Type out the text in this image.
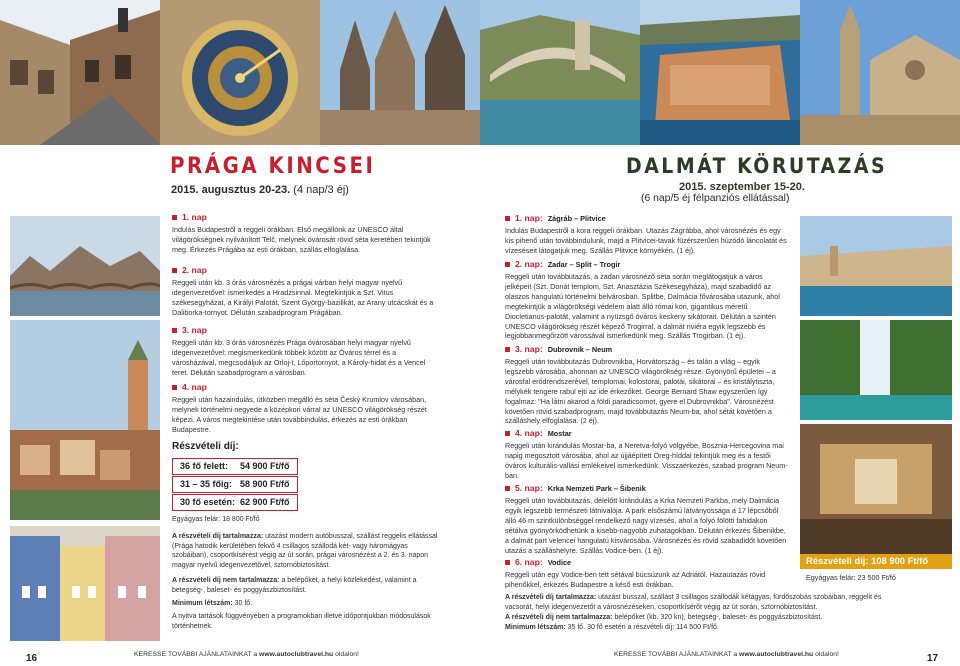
PRÁGA KINCSEI
2015. augusztus 20-23. (4 nap/3 éj)
1. nap
Indulás Budapestről a reggeli órákban. Első megállónk az UNESCO által világörökségnek nyilvánított Telč, melynek óvárosát rövid séta keretében tekintjük meg. Érkezés Prágába az esti órákban, szállás elfoglalása.
2. nap
Reggeli után kb. 3 órás városnézés a prágai várban helyi magyar nyelvű idegenvezetővel: ismerkedés a Hradzsinnal. Megtekintjük a Szt. Vitus székesegyházat, a Királyi Palotát, Szent György-bazilikát, az Arany utcácskát és a Daliborka-tornyot. Délután szabadprogram Prágában.
3. nap
Reggeli után kb. 3 órás városnézés Prága óvárosában helyi magyar nyelvű idegenvezetővel: megismerkedünk többek között az Óváros térrel és a városházával, megcsodáljuk az Orloj-t, Lőportornyot, a Károly-hidat és a Vencel teret. Délután szabadprogram a városban.
4. nap
Reggeli után hazaindulás, útközben megálló és séta Český Krumlov városában, melynek történelmi negyede a középkori várral az UNESCO világörökség részét képezi. A város megtekintése után továbbindulás, érkezés az esti órákban Budapestre.
Részvételi díj:
36 fő felett: 54 900 Ft/fő
31 – 35 főig: 58 900 Ft/fő
30 fő esetén: 62 900 Ft/fő
Egyágyas felár: 18 800 Ft/fő
A részvételi díj tartalmazza: utazást modern autóbusszal, szállást reggelis ellátással (Prága hatodik kerületében fekvő 4 csillagos szállodá két- vagy háromágyas szobáiban), csoportkísérést végig az út során, prágai városnézést a 2. és 3. napon magyar nyelvű idegenvezetővel, sztornóbiztosítást.
A részvételi díj nem tartalmazza: a belépőket, a helyi közlekedést, valamint a betegség-, baleset- és poggyászbiztosítást.
Minimum létszám: 30 fő.
A nyitva tartások függvényében a programokban illetve időpontjukban módosulások történhetnek.
16	KERESSE TOVÁBBI AJÁNLATAINKAT a www.autoclubtravel.hu oldalon!
DALMÁT KÖRUTAZÁS
2015. szeptember 15-20.
(6 nap/5 éj félpanziós ellátással)
1. nap: Zágráb – Plitvice
Indulás Budapestről a kora reggeli órákban. Utazás Zágrábba, ahol városnézés és egy kis pihenő után továbbindulunk, majd a Plitvicei-tavak füzérszerűen húzódó láncolatát és vízeséseit látogatjuk meg. Szállás Plitvice környékén. (1 éj).
2. nap: Zadar – Split – Trogir
Reggeli után továbbutazás, a zadari városnéző séta során meglátogatjuk a város jelképeit (Szt. Donát templom, Szt. Anasztázia Székesegyháza), majd szabadidő az olaszos hangulatú történelmi belvárosban. Splitbe, Dalmácia fővárosába utazunk, ahol megtekintjük a világörökségi védelem alatt álló római kori, gigantikus méretű Diocletianus-palotát, valamint a nyüzsgő óváros keskeny sikátorait. Délután a szintén UNESCO világörökség részét képező Trogirral, a dalmát riviéra egyik legszebb és legjobbanmegőrzött várossával ismerkedünk meg. Szállás Trogirban. (1 éj).
3. nap: Dubrovnik – Neum
Reggeli után továbbutazás Dubrovnikba, Horvátország – és talán a világ – egyik legszebb városába, ahonnan az UNESCO világörökség része. Gyönyörű épületei – a városfal erődrendszerével, templomai, kolostorai, palotái, sikátorai – és kristálytiszta, mélykék tengere rabul ejti az ide érkezőket. George Bernard Shaw egyszerűen így fogalmaz: "Ha látni akarod a földi paradicsomot, gyere el Dubrovnikba". Városnézést követően rövid szabadprogram, majd továbbutazás Neum-ba, ahol sétát követően a szálláshely elfoglalása. (2 éj).
4. nap: Mostar
Reggeli után kirándulás Mostar-ba, a Neretva-folyó völgyébe, Bosznia-Hercegovina mai napig megosztott városába, ahol az újjáépített Öreg-híddal tekintjük meg és a festői óváros kulturális-vallási emlékeivel ismerkedünk. Visszaérkezés, szabad program Neum-ban.
5. nap: Krka Nemzeti Park – Šibenik
Reggeli után továbbutazás, délelőtt kirándulás a Krka Nemzeti Parkba, mely Dalmácia egyik legszebb természeti látnivalója. A park elsőszámú látványossága a 17 lépcsőből álló 46 m szintkülönbséggel rendelkező nagy vízesés, ahol a folyó fölötti fahidakon sétálva gyönyörködhetünk a kisebb-nagyobb zuhatagokban. Délután érkezés Šibenikbe, a dalmát part velencei hangulatú kisvárosába. Városnézés és rövid szabadidőt követően utazás a szálláshelyre. Szállás Vodice-ben. (1 éj).
6. nap: Vodice
Reggeli után egy Vodice-ben tett sétával búcsúzunk az Adriától. Hazautazás rövid pihenőkkel, érkezés Budapestre a késő esti órákban.
Részvételi díj: 108 900 Ft/fő
Egyágyas felár: 23 500 Ft/fő
A részvételi díj tartalmazza: utazást busszal, szállást 3 csillagos szállodák kétágyas, fürdőszobás szobáiban, reggelit és vacsorát, helyi idegenvezetőt a városnézéseken, csoportkísérőt végig az út során, sztornóbiztosítást.
A részvételi díj nem tartalmazza: belépőket (kb. 320 kn), betegség-, baleset- és poggyászbiztosítást.
Minimum létszám: 35 fő. 30 fő esetén a részvételi díj: 114 500 Ft/fő.
KERESSE TOVÁBBI AJÁNLATAINKAT a www.autoclubtravel.hu oldalon!	17
